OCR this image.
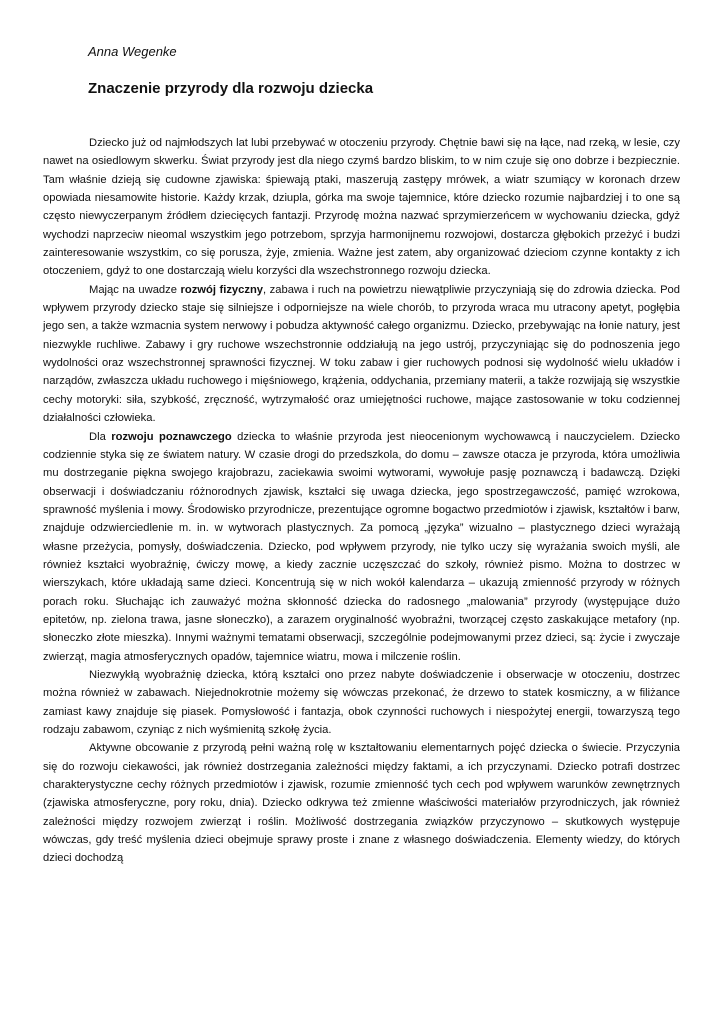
Anna Wegenke
Znaczenie przyrody dla rozwoju dziecka

Dziecko już od najmłodszych lat lubi przebywać w otoczeniu przyrody. Chętnie bawi się na łące, nad rzeką, w lesie, czy nawet na osiedlowym skwerku. Świat przyrody jest dla niego czymś bardzo bliskim, to w nim czuje się ono dobrze i bezpiecznie. Tam właśnie dzieją się cudowne zjawiska: śpiewają ptaki, maszerują zastępy mrówek, a wiatr szumiący w koronach drzew opowiada niesamowite historie. Każdy krzak, dziupla, górka ma swoje tajemnice, które dziecko rozumie najbardziej i to one są często niewyczerpanym źródłem dziecięcych fantazji. Przyrodę można nazwać sprzymierzeńcem w wychowaniu dziecka, gdyż wychodzi naprzeciw nieomal wszystkim jego potrzebom, sprzyja harmonijnemu rozwojowi, dostarcza głębokich przeżyć i budzi zainteresowanie wszystkim, co się porusza, żyje, zmienia. Ważne jest zatem, aby organizować dzieciom czynne kontakty z ich otoczeniem, gdyż to one dostarczają wielu korzyści dla wszechstronnego rozwoju dziecka.

Mając na uwadze rozwój fizyczny, zabawa i ruch na powietrzu niewątpliwie przyczyniają się do zdrowia dziecka. Pod wpływem przyrody dziecko staje się silniejsze i odporniejsze na wiele chorób, to przyroda wraca mu utracony apetyt, pogłębia jego sen, a także wzmacnia system nerwowy i pobudza aktywność całego organizmu. Dziecko, przebywając na łonie natury, jest niezwykle ruchliwe. Zabawy i gry ruchowe wszechstronnie oddziałują na jego ustrój, przyczyniając się do podnoszenia jego wydolności oraz wszechstronnej sprawności fizycznej. W toku zabaw i gier ruchowych podnosi się wydolność wielu układów i narządów, zwłaszcza układu ruchowego i mięśniowego, krążenia, oddychania, przemiany materii, a także rozwijają się wszystkie cechy motoryki: siła, szybkość, zręczność, wytrzymałość oraz umiejętności ruchowe, mające zastosowanie w toku codziennej działalności człowieka.

Dla rozwoju poznawczego dziecka to właśnie przyroda jest nieocenionym wychowawcą i nauczycielem. Dziecko codziennie styka się ze światem natury. W czasie drogi do przedszkola, do domu – zawsze otacza je przyroda, która umożliwia mu dostrzeganie piękna swojego krajobrazu, zaciekawia swoimi wytworami, wywołuje pasję poznawczą i badawczą. Dzięki obserwacji i doświadczaniu różnorodnych zjawisk, kształci się uwaga dziecka, jego spostrzegawczość, pamięć wzrokowa, sprawność myślenia i mowy. Środowisko przyrodnicze, prezentujące ogromne bogactwo przedmiotów i zjawisk, kształtów i barw, znajduje odzwierciedlenie m. in. w wytworach plastycznych. Za pomocą „języka” wizualno – plastycznego dzieci wyrażają własne przeżycia, pomysły, doświadczenia. Dziecko, pod wpływem przyrody, nie tylko uczy się wyrażania swoich myśli, ale również kształci wyobraźnię, ćwiczy mowę, a kiedy zacznie uczęszczać do szkoły, również pismo. Można to dostrzec w wierszykach, które układają same dzieci. Koncentrują się w nich wokół kalendarza – ukazują zmienność przyrody w różnych porach roku. Słuchając ich zauważyć można skłonność dziecka do radosnego „malowania” przyrody (występujące dużo epitetów, np. zielona trawa, jasne słoneczko), a zarazem oryginalność wyobraźni, tworzącej często zaskakujące metafory (np. słoneczko złote mieszka). Innymi ważnymi tematami obserwacji, szczególnie podejmowanymi przez dzieci, są: życie i zwyczaje zwierząt, magia atmosferycznych opadów, tajemnice wiatru, mowa i milczenie roślin.

Niezwykłą wyobraźnię dziecka, którą kształci ono przez nabyte doświadczenie i obserwacje w otoczeniu, dostrzec można również w zabawach. Niejednokrotnie możemy się wówczas przekonać, że drzewo to statek kosmiczny, a w filiżance zamiast kawy znajduje się piasek. Pomysłowość i fantazja, obok czynności ruchowych i niespożytej energii, towarzyszą tego rodzaju zabawom, czyniąc z nich wyśmienitą szkołę życia.

Aktywne obcowanie z przyrodą pełni ważną rolę w kształtowaniu elementarnych pojęć dziecka o świecie. Przyczynia się do rozwoju ciekawości, jak również dostrzegania zależności między faktami, a ich przyczynami. Dziecko potrafi dostrzec charakterystyczne cechy różnych przedmiotów i zjawisk, rozumie zmienność tych cech pod wpływem warunków zewnętrznych (zjawiska atmosferyczne, pory roku, dnia). Dziecko odkrywa też zmienne właściwości materiałów przyrodniczych, jak również zależności między rozwojem zwierząt i roślin. Możliwość dostrzegania związków przyczynowo – skutkowych występuje wówczas, gdy treść myślenia dzieci obejmuje sprawy proste i znane z własnego doświadczenia. Elementy wiedzy, do których dzieci dochodzą
